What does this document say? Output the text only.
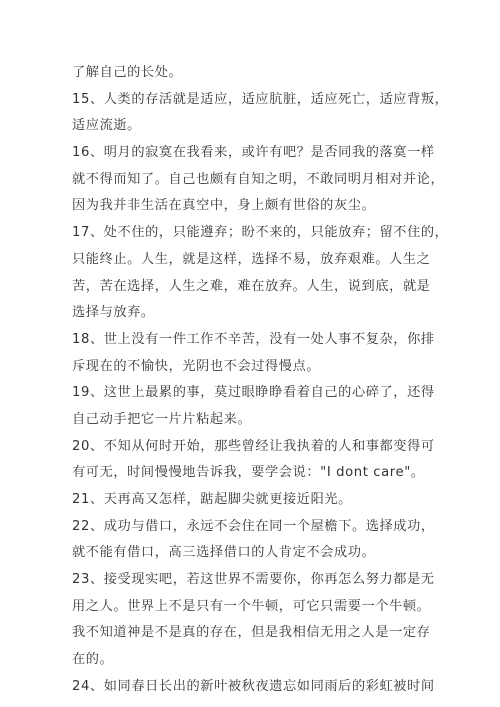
了解自己的长处。
15、人类的存活就是适应，适应肮脏，适应死亡，适应背叛，
适应流逝。
16、明月的寂寞在我看来，或许有吧？是否同我的落寞一样
就不得而知了。自己也颇有自知之明，不敢同明月相对并论，
因为我并非生活在真空中，身上颇有世俗的灰尘。
17、处不住的，只能遵弃；盼不来的，只能放弃；留不住的，
只能终止。人生，就是这样，选择不易，放弃艰难。人生之
苦，苦在选择，人生之难，难在放弃。人生，说到底，就是
选择与放弃。
18、世上没有一件工作不辛苦，没有一处人事不复杂，你排
斥现在的不愉快，光阴也不会过得慢点。
19、这世上最累的事，莫过眼睁睁看着自己的心碎了，还得
自己动手把它一片片粘起来。
20、不知从何时开始，那些曾经让我执着的人和事都变得可
有可无，时间慢慢地告诉我，要学会说："I dont care"。
21、天再高又怎样，踮起脚尖就更接近阳光。
22、成功与借口，永远不会住在同一个屋檐下。选择成功，
就不能有借口，高三选择借口的人肯定不会成功。
23、接受现实吧，若这世界不需要你，你再怎么努力都是无
用之人。世界上不是只有一个牛顿，可它只需要一个牛顿。
我不知道神是不是真的存在，但是我相信无用之人是一定存
在的。
24、如同春日长出的新叶被秋夜遗忘如同雨后的彩虹被时间
